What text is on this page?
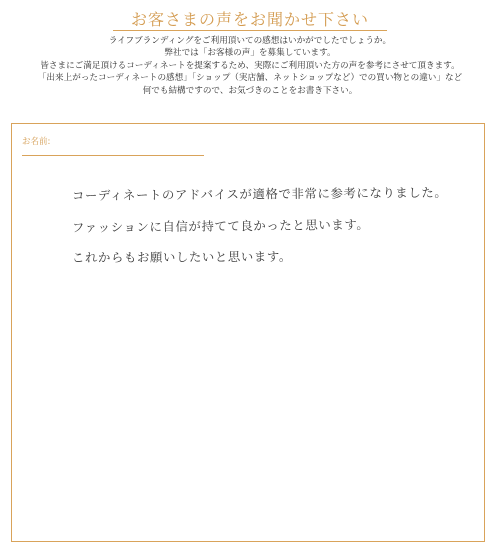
お客さまの声をお聞かせ下さい
ライフブランディングをご利用頂いての感想はいかがでしたでしょうか。
弊社では「お客様の声」を募集しています。
皆さまにご満足頂けるコーディネートを提案するため、実際にご利用頂いた方の声を参考にさせて頂きます。
「出来上がったコーディネートの感想」「ショップ（実店舗、ネットショップなど）での買い物との違い」など
何でも結構ですので、お気づきのことをお書き下さい。
お名前:
コーディネートのアドバイスが適格で非常に参考になりました。
ファッションに自信が持てて良かったと思います。
これからもお願いしたいと思います。
